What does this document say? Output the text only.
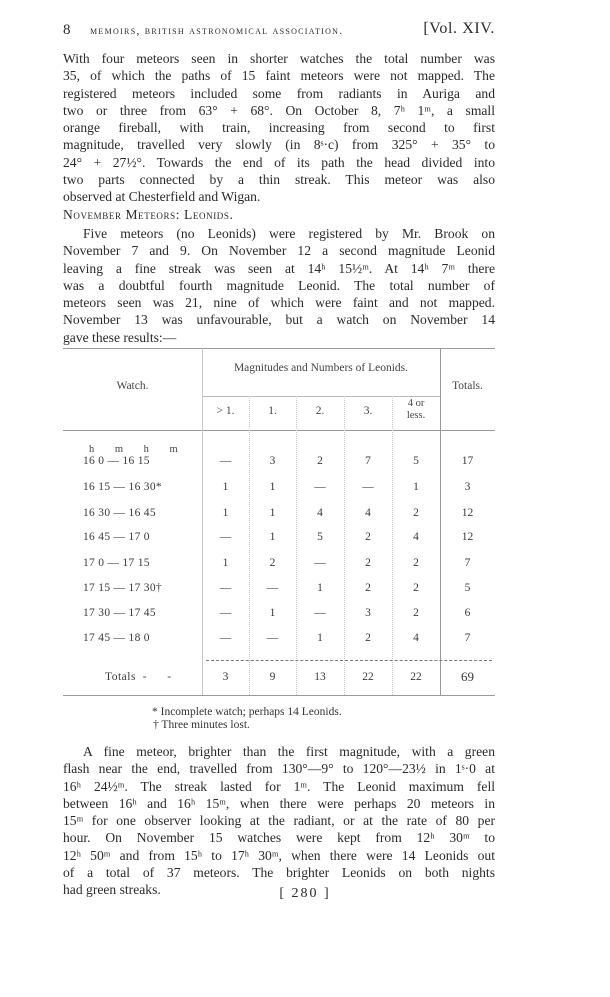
8 memoirs, british astronomical association.	[Vol. XIV.
With four meteors seen in shorter watches the total number was
35, of which the paths of 15 faint meteors were not mapped. The
registered meteors included some from radiants in Auriga and
two or three from 63° + 68°. On October 8, 7ʰ 1ᵐ, a small
orange fireball, with train, increasing from second to first
magnitude, travelled very slowly (in 8ˢ·c) from 325° + 35° to
24° + 27½°. Towards the end of its path the head divided into
two parts connected by a thin streak. This meteor was also
observed at Chesterfield and Wigan.
November Meteors: Leonids.
Five meteors (no Leonids) were registered by Mr. Brook on
November 7 and 9. On November 12 a second magnitude Leonid
leaving a fine streak was seen at 14ʰ 15½ᵐ. At 14ʰ 7ᵐ there
was a doubtful fourth magnitude Leonid. The total number of
meteors seen was 21, nine of which were faint and not mapped.
November 13 was unfavourable, but a watch on November 14
gave these results:—
Watch.
Magnitudes and Numbers of Leonids.
Totals.
> 1.	1.	2.	3.
4 or
less.
h m h m
16 0 — 16 15	—	3	2	7	5	17
16 15 — 16 30*	1	1	—	—	1	3
16 30 — 16 45	1	1	4	4	2	12
16 45 — 17 0	—	1	5	2	4	12
17 0 — 17 15	1	2	—	2	2	7
17 15 — 17 30†	—	—	1	2	2	5
17 30 — 17 45	—	1	—	3	2	6
17 45 — 18 0	—	—	1	2	4	7
Totals  -      -	3	9	13	22	22	69
* Incomplete watch; perhaps 14 Leonids.
† Three minutes lost.
A fine meteor, brighter than the first magnitude, with a green
flash near the end, travelled from 130°—9° to 120°—23½ in 1ˢ·0 at
16ʰ 24½ᵐ. The streak lasted for 1ᵐ. The Leonid maximum fell
between 16ʰ and 16ʰ 15ᵐ, when there were perhaps 20 meteors in
15ᵐ for one observer looking at the radiant, or at the rate of 80 per
hour. On November 15 watches were kept from 12ʰ 30ᵐ to
12ʰ 50ᵐ and from 15ʰ to 17ʰ 30ᵐ, when there were 14 Leonids out
of a total of 37 meteors. The brighter Leonids on both nights
had green streaks.	[ 280 ]
